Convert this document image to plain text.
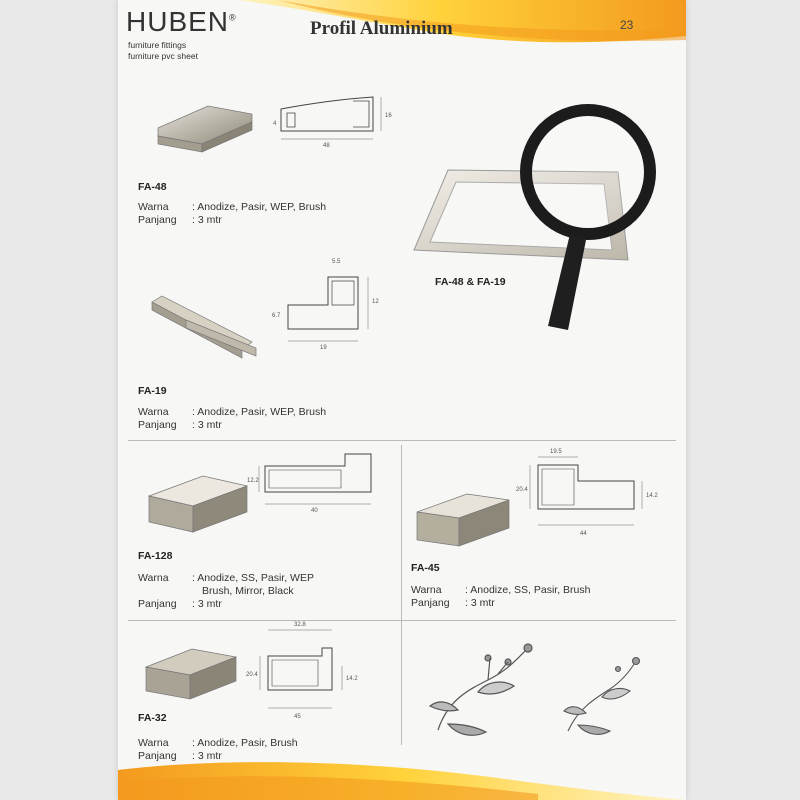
HUBEN®
furniture fittings
furniture pvc sheet
Profil Aluminium	23
48
16
4
FA-48
Warna	: Anodize, Pasir, WEP, Brush
Panjang	: 3 mtr
FA-48 & FA-19
5.5
19
12
6.7
FA-19
Warna	: Anodize, Pasir, WEP, Brush
Panjang	: 3 mtr
40
12.2
FA-128
Warna	: Anodize, SS, Pasir, WEP
Brush, Mirror, Black
Panjang	: 3 mtr
19.5
44
20.4
14.2
FA-45
Warna	: Anodize, SS, Pasir, Brush
Panjang	: 3 mtr
32.8
45
20.4
14.2
FA-32
Warna	: Anodize, Pasir, Brush
Panjang	: 3 mtr
